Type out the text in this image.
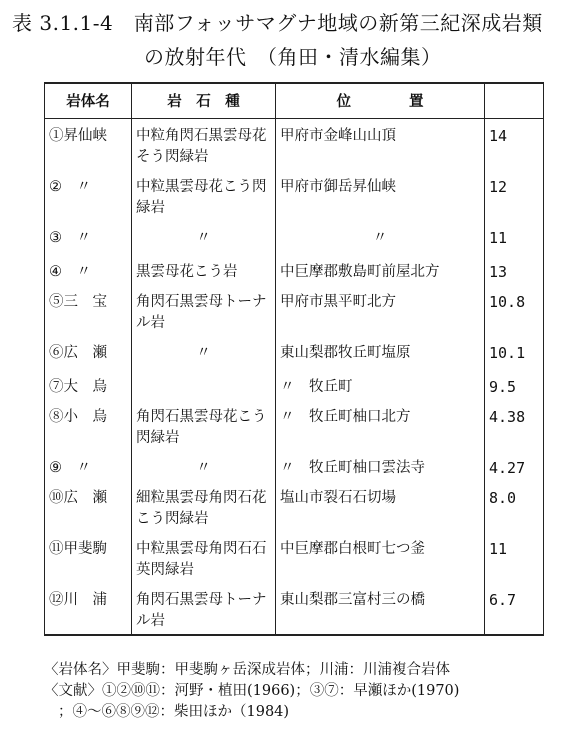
表 3.1.1-4　南部フォッサマグナ地域の新第三紀深成岩類
の放射年代　（角田・清水編集）
岩体名	岩　石　種	位　　　　置	
①昇仙峡	中粒角閃石黒雲母花そう閃緑岩	甲府市金峰山山頂	14
②　〃	中粒黒雲母花こう閃緑岩	甲府市御岳昇仙峡	12
③　〃	〃	〃	11
④　〃	黒雲母花こう岩	中巨摩郡敷島町前屋北方	13
⑤三　宝	角閃石黒雲母トーナル岩	甲府市黒平町北方	10.8
⑥広　瀬	〃	東山梨郡牧丘町塩原	10.1
⑦大　烏		〃　牧丘町	9.5
⑧小　烏	角閃石黒雲母花こう閃緑岩	〃　牧丘町柚口北方	4.38
⑨　〃	〃	〃　牧丘町柚口雲法寺	4.27
⑩広　瀬	細粒黒雲母角閃石花こう閃緑岩	塩山市裂石石切場	8.0
⑪甲斐駒	中粒黒雲母角閃石石英閃緑岩	中巨摩郡白根町七つ釜	11
⑫川　浦	角閃石黒雲母トーナル岩	東山梨郡三富村三の橋	6.7
〈岩体名〉甲斐駒：甲斐駒ヶ岳深成岩体；川浦：川浦複合岩体
〈文献〉①②⑩⑪：河野・植田(1966)；③⑦：早瀬ほか(1970)
；④～⑥⑧⑨⑫：柴田ほか（1984)
